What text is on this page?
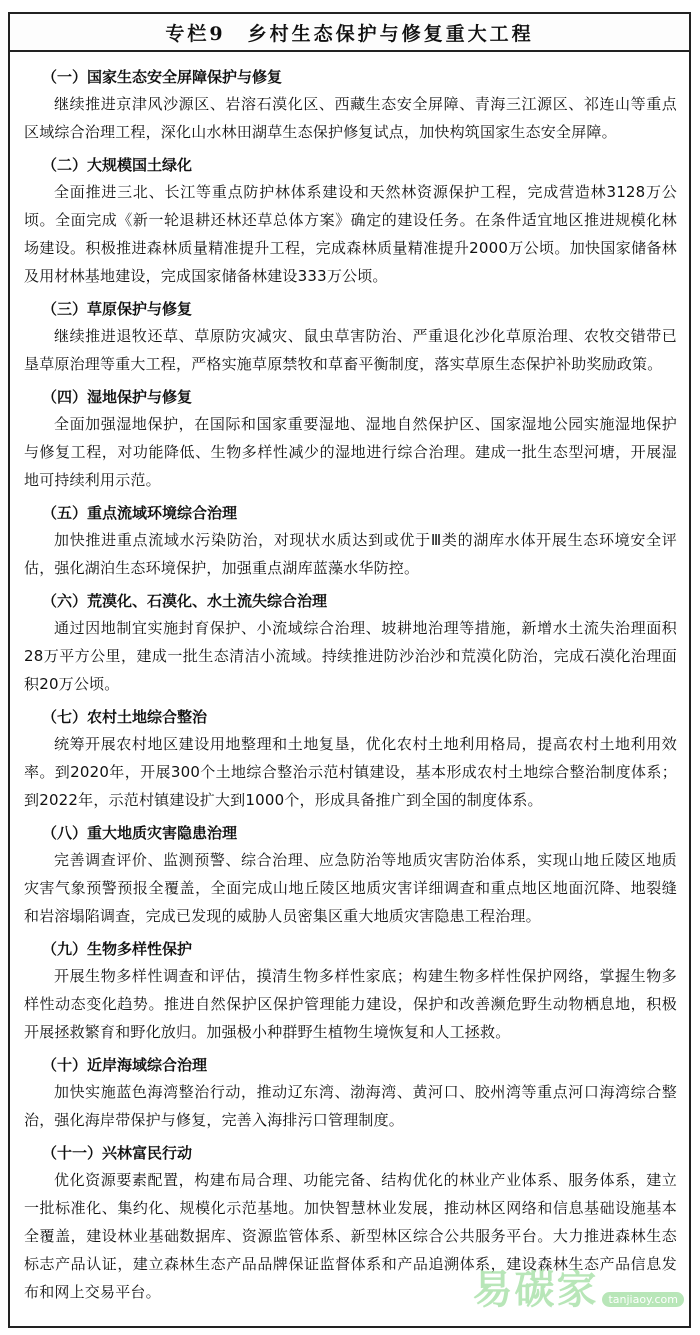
专栏9　乡村生态保护与修复重大工程
（一）国家生态安全屏障保护与修复
继续推进京津风沙源区、岩溶石漠化区、西藏生态安全屏障、青海三江源区、祁连山等重点区域综合治理工程，深化山水林田湖草生态保护修复试点，加快构筑国家生态安全屏障。
（二）大规模国土绿化
全面推进三北、长江等重点防护林体系建设和天然林资源保护工程，完成营造林3128万公顷。全面完成《新一轮退耕还林还草总体方案》确定的建设任务。在条件适宜地区推进规模化林场建设。积极推进森林质量精准提升工程，完成森林质量精准提升2000万公顷。加快国家储备林及用材林基地建设，完成国家储备林建设333万公顷。
（三）草原保护与修复
继续推进退牧还草、草原防灾减灾、鼠虫草害防治、严重退化沙化草原治理、农牧交错带已垦草原治理等重大工程，严格实施草原禁牧和草畜平衡制度，落实草原生态保护补助奖励政策。
（四）湿地保护与修复
全面加强湿地保护，在国际和国家重要湿地、湿地自然保护区、国家湿地公园实施湿地保护与修复工程，对功能降低、生物多样性减少的湿地进行综合治理。建成一批生态型河塘，开展湿地可持续利用示范。
（五）重点流域环境综合治理
加快推进重点流域水污染防治，对现状水质达到或优于Ⅲ类的湖库水体开展生态环境安全评估，强化湖泊生态环境保护，加强重点湖库蓝藻水华防控。
（六）荒漠化、石漠化、水土流失综合治理
通过因地制宜实施封育保护、小流域综合治理、坡耕地治理等措施，新增水土流失治理面积28万平方公里，建成一批生态清洁小流域。持续推进防沙治沙和荒漠化防治，完成石漠化治理面积20万公顷。
（七）农村土地综合整治
统筹开展农村地区建设用地整理和土地复垦，优化农村土地利用格局，提高农村土地利用效率。到2020年，开展300个土地综合整治示范村镇建设，基本形成农村土地综合整治制度体系；到2022年，示范村镇建设扩大到1000个，形成具备推广到全国的制度体系。
（八）重大地质灾害隐患治理
完善调查评价、监测预警、综合治理、应急防治等地质灾害防治体系，实现山地丘陵区地质灾害气象预警预报全覆盖，全面完成山地丘陵区地质灾害详细调查和重点地区地面沉降、地裂缝和岩溶塌陷调查，完成已发现的威胁人员密集区重大地质灾害隐患工程治理。
（九）生物多样性保护
开展生物多样性调查和评估，摸清生物多样性家底；构建生物多样性保护网络，掌握生物多样性动态变化趋势。推进自然保护区保护管理能力建设，保护和改善濒危野生动物栖息地，积极开展拯救繁育和野化放归。加强极小种群野生植物生境恢复和人工拯救。
（十）近岸海域综合治理
加快实施蓝色海湾整治行动，推动辽东湾、渤海湾、黄河口、胶州湾等重点河口海湾综合整治，强化海岸带保护与修复，完善入海排污口管理制度。
（十一）兴林富民行动
优化资源要素配置，构建布局合理、功能完备、结构优化的林业产业体系、服务体系，建立一批标准化、集约化、规模化示范基地。加快智慧林业发展，推动林区网络和信息基础设施基本全覆盖，建设林业基础数据库、资源监管体系、新型林区综合公共服务平台。大力推进森林生态标志产品认证，建立森林生态产品品牌保证监督体系和产品追溯体系，建设森林生态产品信息发布和网上交易平台。	易碳家 tanjiaoy.com
